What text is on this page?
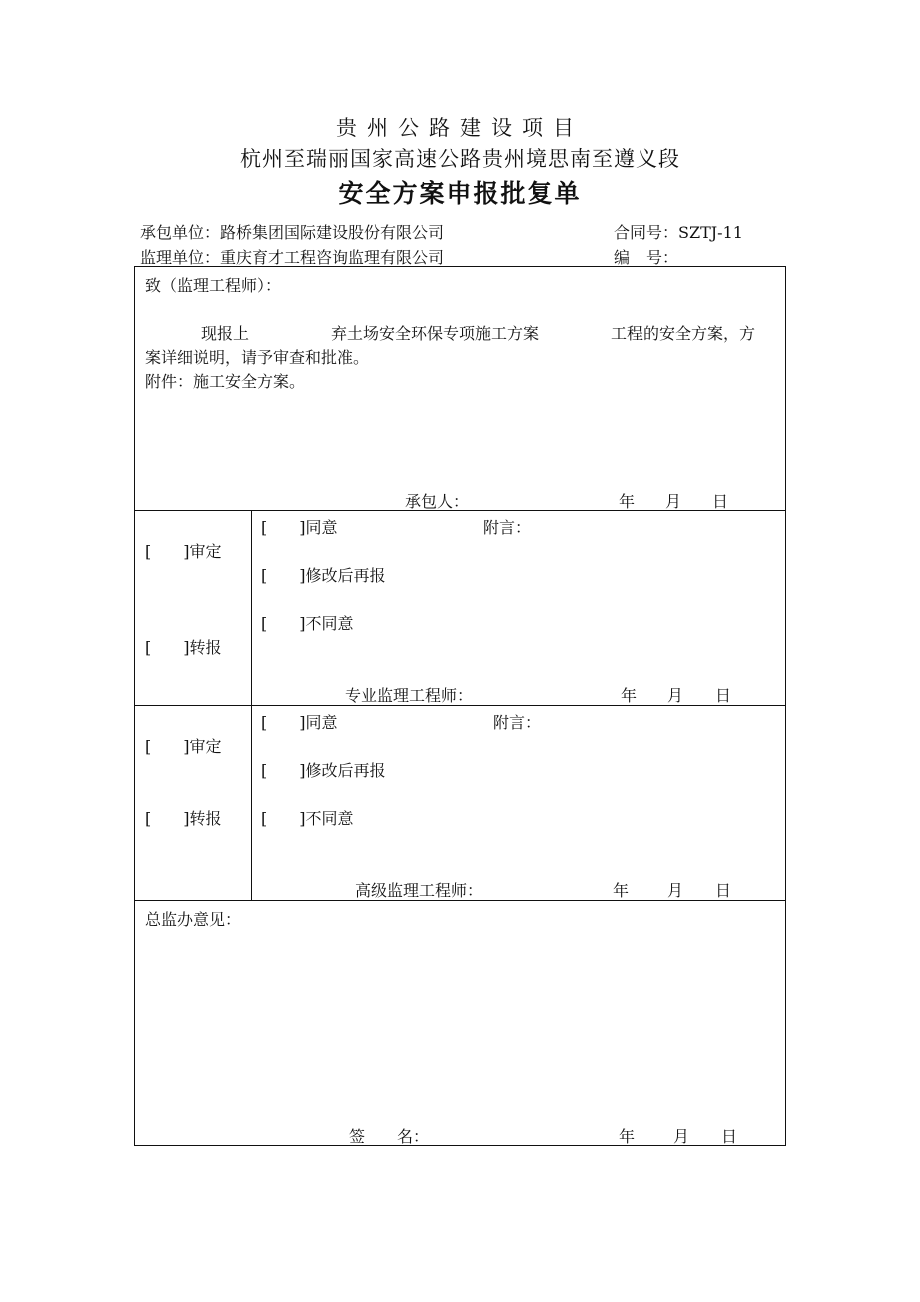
贵州公路建设项目
杭州至瑞丽国家高速公路贵州境思南至遵义段
安全方案申报批复单
承包单位：路桥集团国际建设股份有限公司	合同号：SZTJ-11
监理单位：重庆育才工程咨询监理有限公司	编　号：
致（监理工程师）：
现报上	弃土场安全环保专项施工方案	工程的安全方案，方
案详细说明，请予审查和批准。
附件：施工安全方案。
承包人：	年 月 日
[　　]审定
[　　]转报
[　　]同意	附言：
[　　]修改后再报
[　　]不同意
专业监理工程师：	年 月 日
[　　]审定
[　　]转报
[　　]同意	附言：
[　　]修改后再报
[　　]不同意
高级监理工程师：	年 月 日
总监办意见：
签　　名：	年 月 日
